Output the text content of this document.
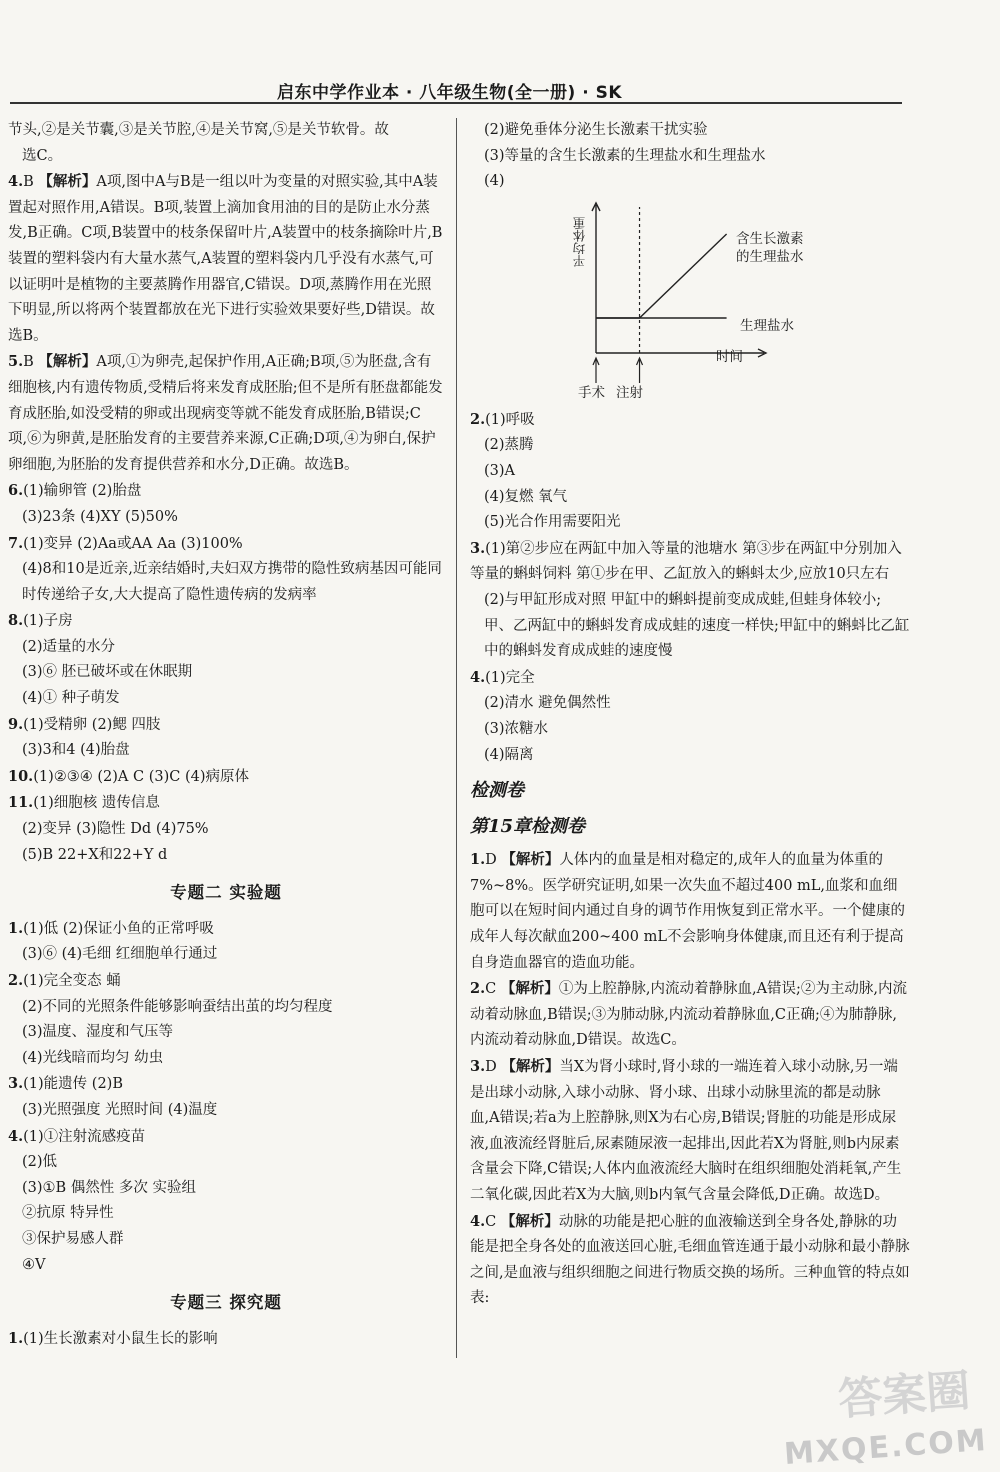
启东中学作业本 · 八年级生物(全一册) · SK

节头,②是关节囊,③是关节腔,④是关节窝,⑤是关节软骨。故

选C。

4.B 【解析】A项,图中A与B是一组以叶为变量的对照实验,其中A装置起对照作用,A错误。B项,装置上滴加食用油的目的是防止水分蒸发,B正确。C项,B装置中的枝条保留叶片,A装置中的枝条摘除叶片,B装置的塑料袋内有大量水蒸气,A装置的塑料袋内几乎没有水蒸气,可以证明叶是植物的主要蒸腾作用器官,C错误。D项,蒸腾作用在光照下明显,所以将两个装置都放在光下进行实验效果要好些,D错误。故选B。

5.B 【解析】A项,①为卵壳,起保护作用,A正确;B项,⑤为胚盘,含有细胞核,内有遗传物质,受精后将来发育成胚胎;但不是所有胚盘都能发育成胚胎,如没受精的卵或出现病变等就不能发育成胚胎,B错误;C项,⑥为卵黄,是胚胎发育的主要营养来源,C正确;D项,④为卵白,保护卵细胞,为胚胎的发育提供营养和水分,D正确。故选B。

6.(1)输卵管 (2)胎盘

(3)23条 (4)XY (5)50%

7.(1)变异 (2)Aa或AA Aa (3)100%

(4)8和10是近亲,近亲结婚时,夫妇双方携带的隐性致病基因可能同时传递给子女,大大提高了隐性遗传病的发病率

8.(1)子房

(2)适量的水分

(3)⑥ 胚已破坏或在休眠期

(4)① 种子萌发

9.(1)受精卵 (2)鳃 四肢

(3)3和4 (4)胎盘

10.(1)②③④ (2)A C (3)C (4)病原体

11.(1)细胞核 遗传信息

(2)变异 (3)隐性 Dd (4)75%

(5)B 22+X和22+Y d

专题二 实验题

1.(1)低 (2)保证小鱼的正常呼吸

(3)⑥ (4)毛细 红细胞单行通过

2.(1)完全变态 蛹

(2)不同的光照条件能够影响蚕结出茧的均匀程度

(3)温度、湿度和气压等

(4)光线暗而均匀 幼虫

3.(1)能遗传 (2)B

(3)光照强度 光照时间 (4)温度

4.(1)①注射流感疫苗

(2)低

(3)①B 偶然性 多次 实验组

②抗原 特异性

③保护易感人群

④V

专题三 探究题

1.(1)生长激素对小鼠生长的影响

(2)避免垂体分泌生长激素干扰实验

(3)等量的含生长激素的生理盐水和生理盐水

(4)

平均体重
时间
手术 注射
含生长激素
的生理盐水
生理盐水

2.(1)呼吸

(2)蒸腾

(3)A

(4)复燃 氧气

(5)光合作用需要阳光

3.(1)第②步应在两缸中加入等量的池塘水 第③步在两缸中分别加入等量的蝌蚪饲料 第①步在甲、乙缸放入的蝌蚪太少,应放10只左右

(2)与甲缸形成对照 甲缸中的蝌蚪提前变成成蛙,但蛙身体较小;甲、乙两缸中的蝌蚪发育成成蛙的速度一样快;甲缸中的蝌蚪比乙缸中的蝌蚪发育成成蛙的速度慢

4.(1)完全

(2)清水 避免偶然性

(3)浓糖水

(4)隔离

检测卷
第15章检测卷

1.D 【解析】人体内的血量是相对稳定的,成年人的血量为体重的7%~8%。医学研究证明,如果一次失血不超过400 mL,血浆和血细胞可以在短时间内通过自身的调节作用恢复到正常水平。一个健康的成年人每次献血200~400 mL不会影响身体健康,而且还有利于提高自身造血器官的造血功能。

2.C 【解析】①为上腔静脉,内流动着静脉血,A错误;②为主动脉,内流动着动脉血,B错误;③为肺动脉,内流动着静脉血,C正确;④为肺静脉,内流动着动脉血,D错误。故选C。

3.D 【解析】当X为肾小球时,肾小球的一端连着入球小动脉,另一端是出球小动脉,入球小动脉、肾小球、出球小动脉里流的都是动脉血,A错误;若a为上腔静脉,则X为右心房,B错误;肾脏的功能是形成尿液,血液流经肾脏后,尿素随尿液一起排出,因此若X为肾脏,则b内尿素含量会下降,C错误;人体内血液流经大脑时在组织细胞处消耗氧,产生二氧化碳,因此若X为大脑,则b内氧气含量会降低,D正确。故选D。

4.C 【解析】动脉的功能是把心脏的血液输送到全身各处,静脉的功能是把全身各处的血液送回心脏,毛细血管连通于最小动脉和最小静脉之间,是血液与组织细胞之间进行物质交换的场所。三种血管的特点如表:

答案圈
MXQE.COM
